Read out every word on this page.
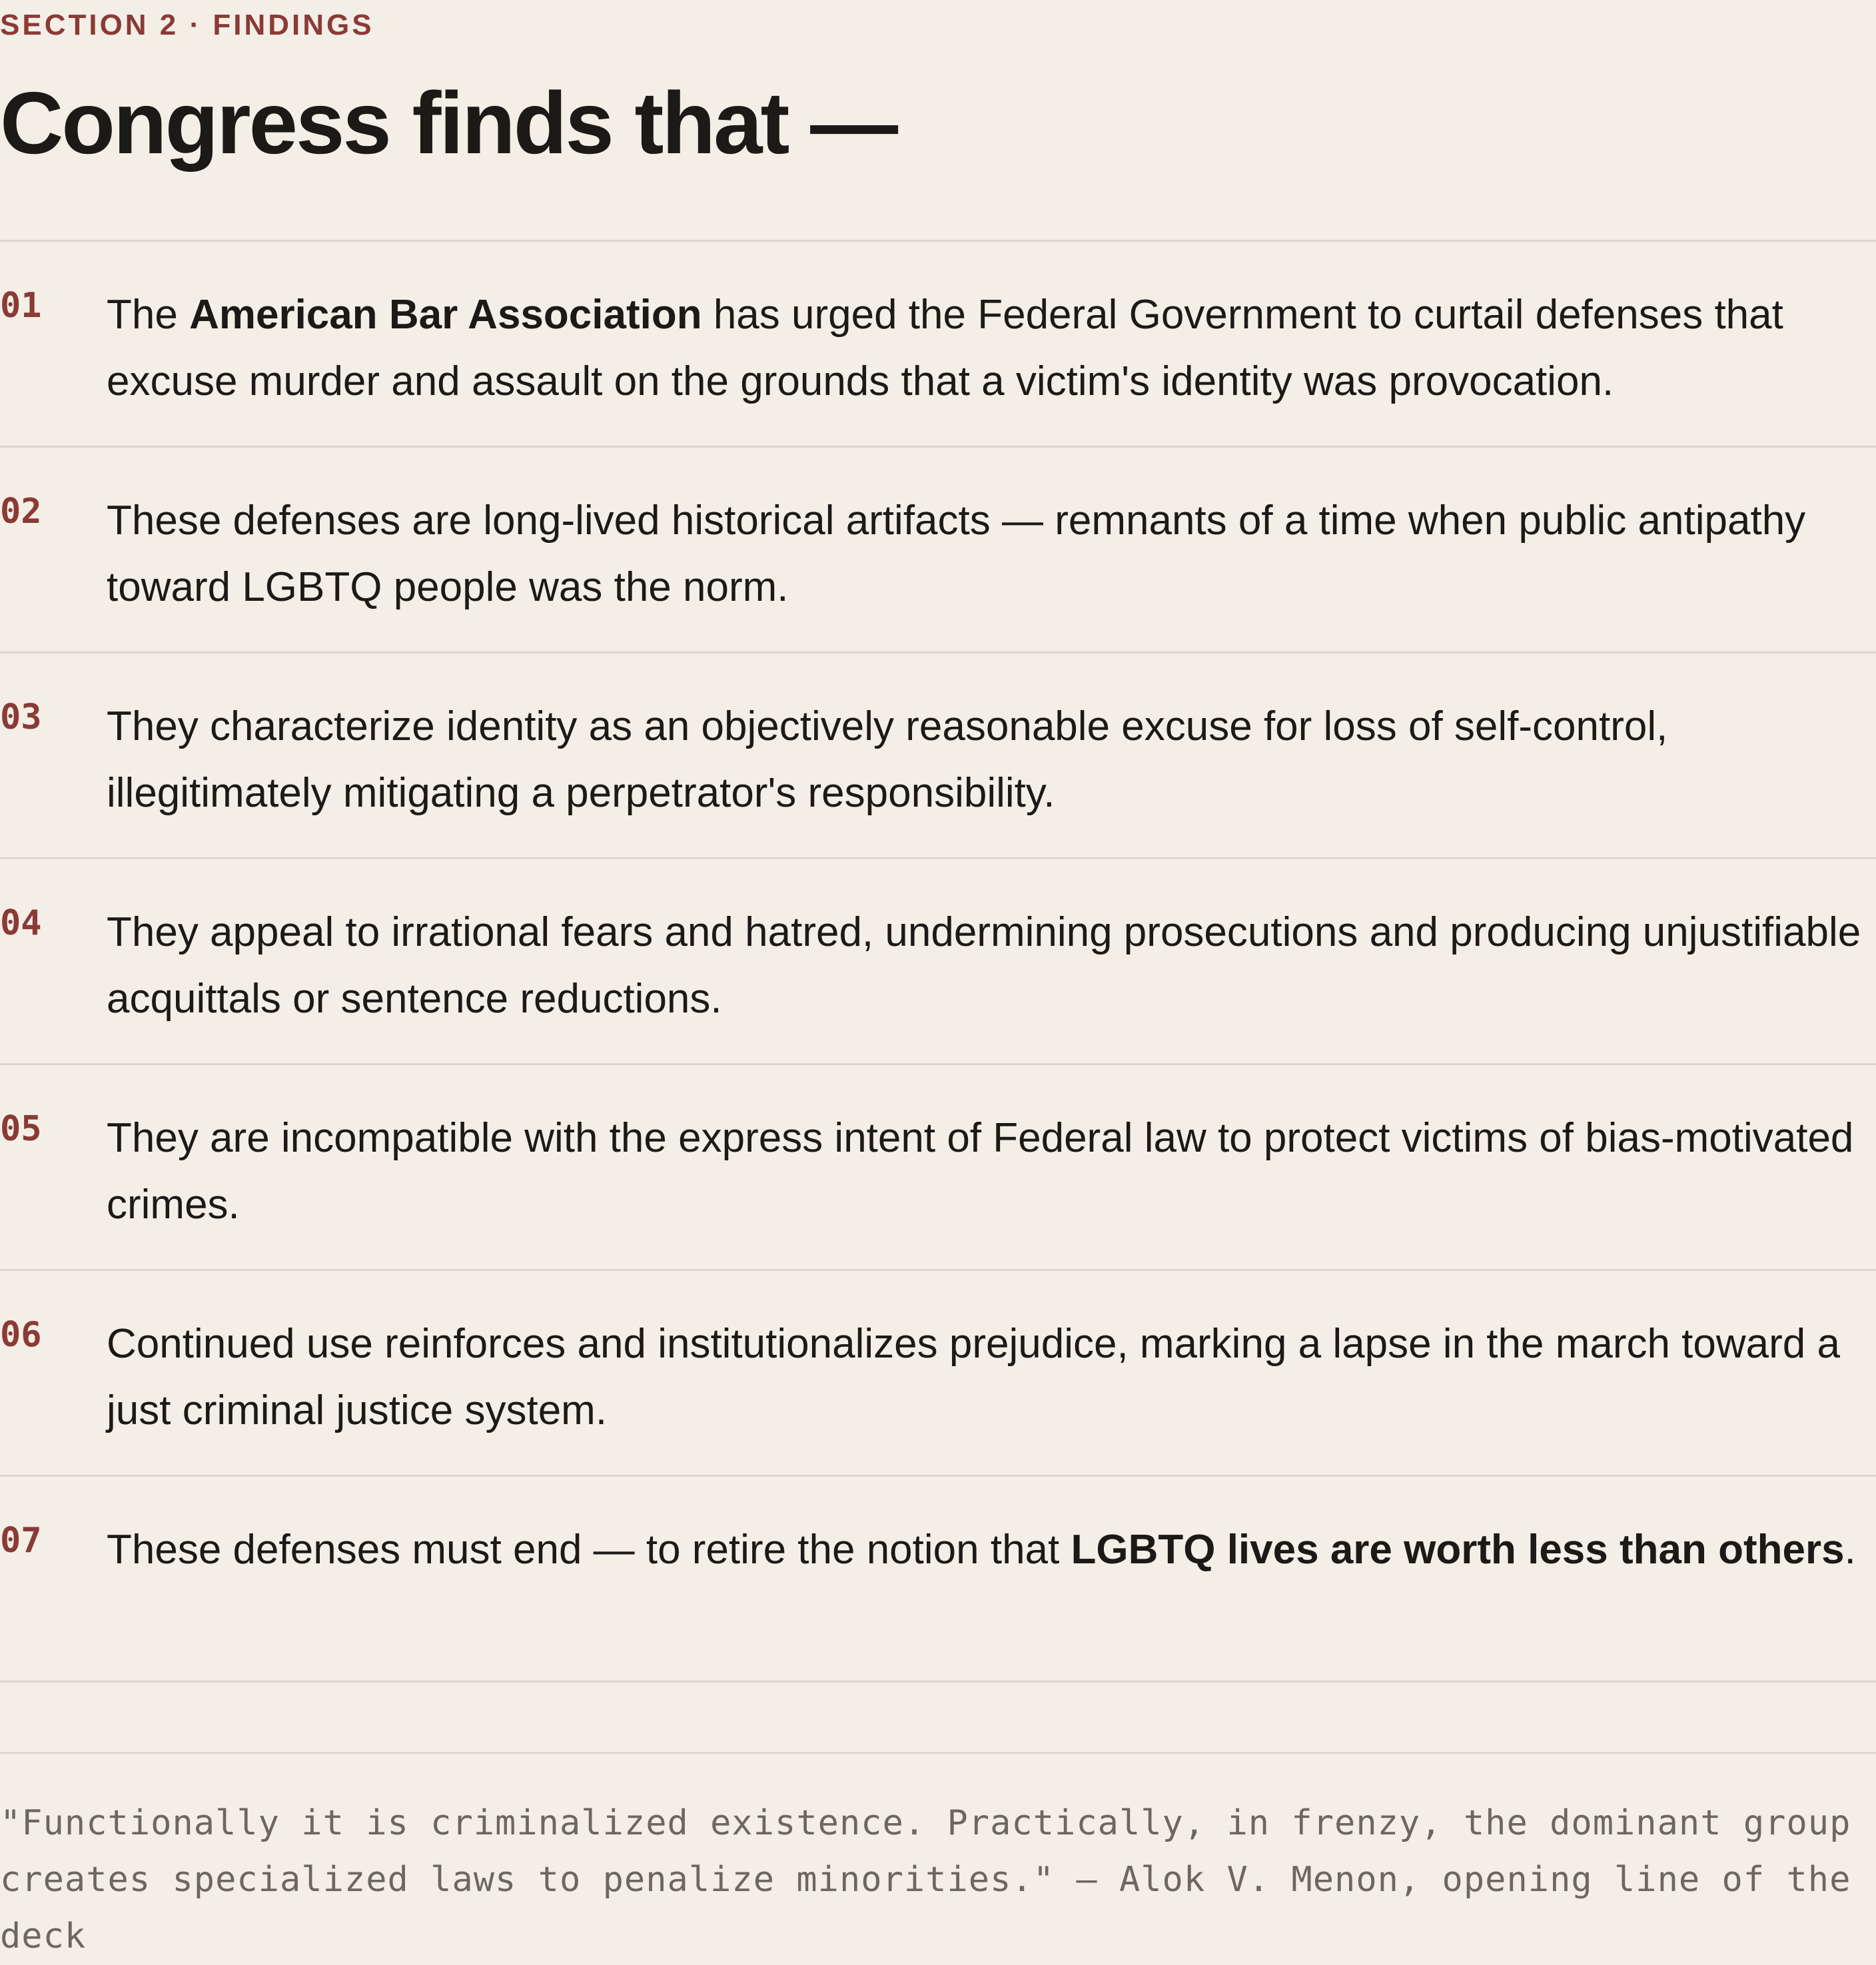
SECTION 2 · FINDINGS
Congress finds that —
01 The American Bar Association has urged the Federal Government to curtail defenses that excuse murder and assault on the grounds that a victim's identity was provocation.
02 These defenses are long-lived historical artifacts — remnants of a time when public antipathy toward LGBTQ people was the norm.
03 They characterize identity as an objectively reasonable excuse for loss of self-control, illegitimately mitigating a perpetrator's responsibility.
04 They appeal to irrational fears and hatred, undermining prosecutions and producing unjustifiable acquittals or sentence reductions.
05 They are incompatible with the express intent of Federal law to protect victims of bias-motivated crimes.
06 Continued use reinforces and institutionalizes prejudice, marking a lapse in the march toward a just criminal justice system.
07 These defenses must end — to retire the notion that LGBTQ lives are worth less than others.
"Functionally it is criminalized existence. Practically, in frenzy, the dominant group creates specialized laws to penalize minorities." — Alok V. Menon, opening line of the deck
